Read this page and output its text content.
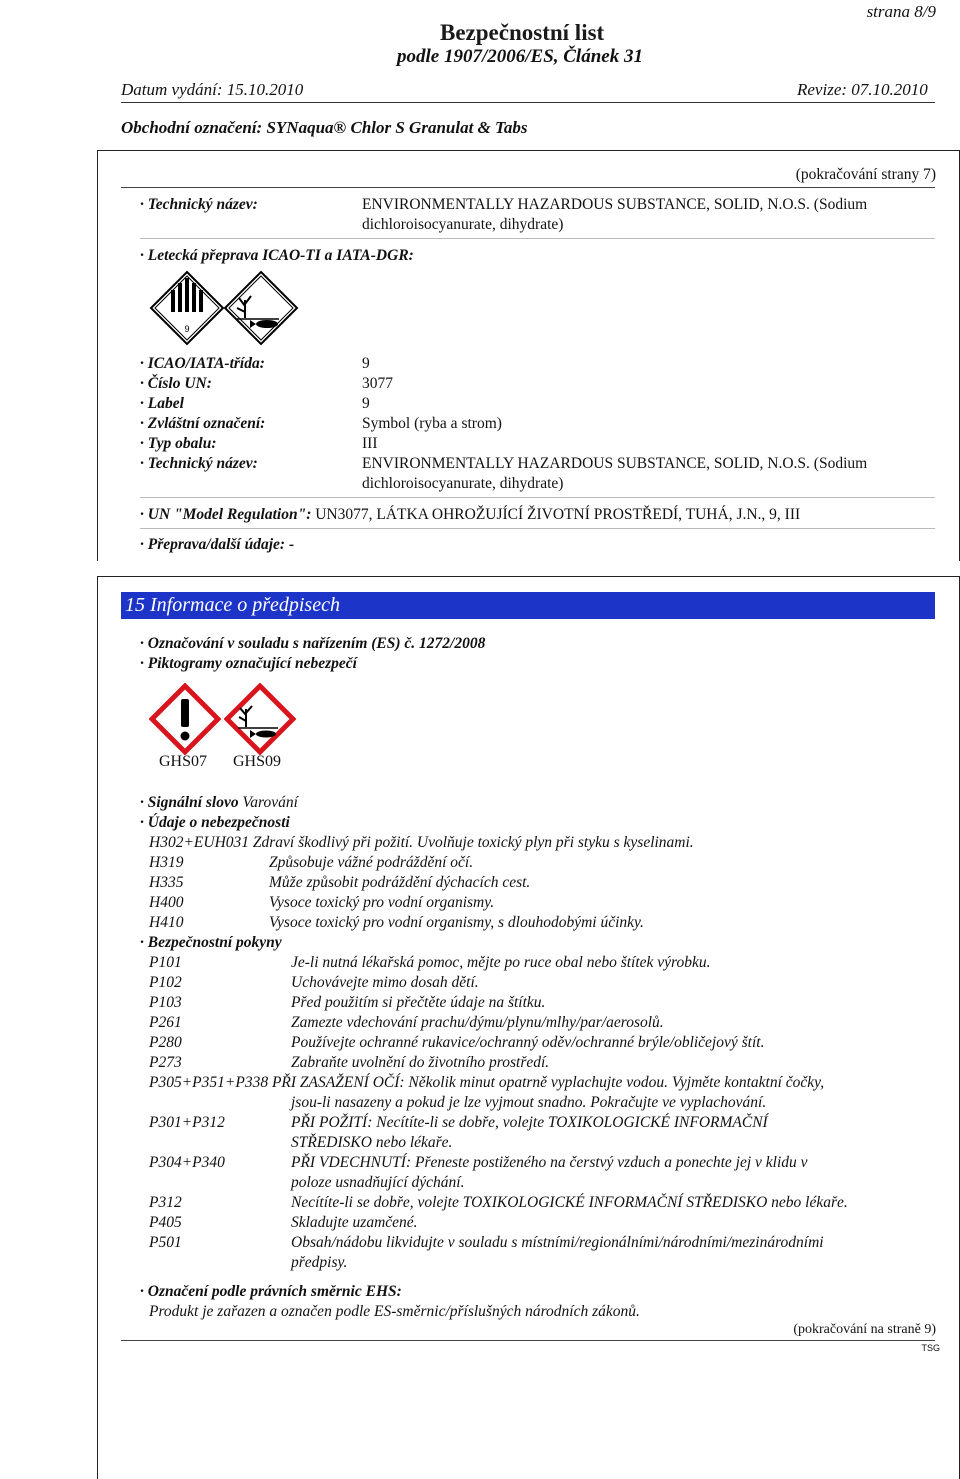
strana 8/9
Bezpečnostní list
podle 1907/2006/ES, Článek 31
Datum vydání: 15.10.2010	Revize: 07.10.2010
Obchodní označení: SYNaqua® Chlor S Granulat & Tabs
(pokračování strany 7)
· Technický název:	ENVIRONMENTALLY HAZARDOUS SUBSTANCE, SOLID, N.O.S. (Sodium
dichloroisocyanurate, dihydrate)
· Letecká přeprava ICAO-TI a IATA-DGR:
9
· ICAO/IATA-třída:	9
· Číslo UN:	3077
· Label	9
· Zvláštní označení:	Symbol (ryba a strom)
· Typ obalu:	III
· Technický název:	ENVIRONMENTALLY HAZARDOUS SUBSTANCE, SOLID, N.O.S. (Sodium
dichloroisocyanurate, dihydrate)
· UN "Model Regulation": UN3077, LÁTKA OHROŽUJÍCÍ ŽIVOTNÍ PROSTŘEDÍ, TUHÁ, J.N., 9, III
· Přeprava/další údaje: -
15 Informace o předpisech
· Označování v souladu s nařízením (ES) č. 1272/2008
· Piktogramy označující nebezpečí
GHS07 GHS09
· Signální slovo Varování
· Údaje o nebezpečnosti
H302+EUH031 Zdraví škodlivý při požití. Uvolňuje toxický plyn při styku s kyselinami.
H319	Způsobuje vážné podráždění očí.
H335	Může způsobit podráždění dýchacích cest.
H400	Vysoce toxický pro vodní organismy.
H410	Vysoce toxický pro vodní organismy, s dlouhodobými účinky.
· Bezpečnostní pokyny
P101	Je-li nutná lékařská pomoc, mějte po ruce obal nebo štítek výrobku.
P102	Uchovávejte mimo dosah dětí.
P103	Před použitím si přečtěte údaje na štítku.
P261	Zamezte vdechování prachu/dýmu/plynu/mlhy/par/aerosolů.
P280	Používejte ochranné rukavice/ochranný oděv/ochranné brýle/obličejový štít.
P273	Zabraňte uvolnění do životního prostředí.
P305+P351+P338 PŘI ZASAŽENÍ OČÍ: Několik minut opatrně vyplachujte vodou. Vyjměte kontaktní čočky,
jsou-li nasazeny a pokud je lze vyjmout snadno. Pokračujte ve vyplachování.
P301+P312	PŘI POŽITÍ: Necítíte-li se dobře, volejte TOXIKOLOGICKÉ INFORMAČNÍ
STŘEDISKO nebo lékaře.
P304+P340	PŘI VDECHNUTÍ: Přeneste postiženého na čerstvý vzduch a ponechte jej v klidu v
poloze usnadňující dýchání.
P312	Necítíte-li se dobře, volejte TOXIKOLOGICKÉ INFORMAČNÍ STŘEDISKO nebo lékaře.
P405	Skladujte uzamčené.
P501	Obsah/nádobu likvidujte v souladu s místními/regionálními/národními/mezinárodními
předpisy.
· Označení podle právních směrnic EHS:
Produkt je zařazen a označen podle ES-směrnic/příslušných národních zákonů.
(pokračování na straně 9)
TSG
